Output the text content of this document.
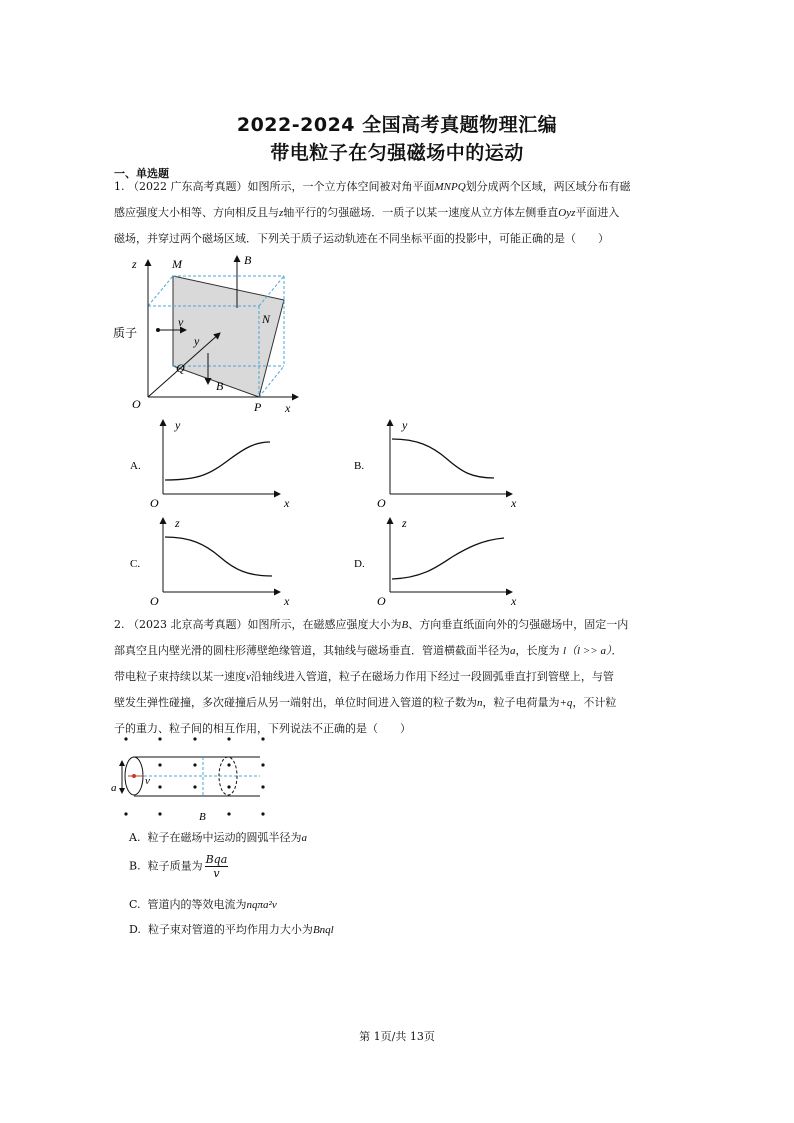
2022-2024 全国高考真题物理汇编
带电粒子在匀强磁场中的运动
一、单选题
1. （2022 广东高考真题）如图所示，一个立方体空间被对角平面MNPQ划分成两个区域，两区域分布有磁
感应强度大小相等、方向相反且与z轴平行的匀强磁场．一质子以某一速度从立方体左侧垂直Oyz平面进入
磁场，并穿过两个磁场区域．下列关于质子运动轨迹在不同坐标平面的投影中，可能正确的是（　　）
z	M	B
N
质子
v
y
Q
B
O	P x
A.
y
O	x
B.
y
O	x
C.
z
O	x
D.
z
O	x
2. （2023 北京高考真题）如图所示，在磁感应强度大小为B、方向垂直纸面向外的匀强磁场中，固定一内
部真空且内壁光滑的圆柱形薄壁绝缘管道，其轴线与磁场垂直．管道横截面半径为a，长度为 l（l >> a）．
带电粒子束持续以某一速度v沿轴线进入管道，粒子在磁场力作用下经过一段圆弧垂直打到管壁上，与管
壁发生弹性碰撞，多次碰撞后从另一端射出，单位时间进入管道的粒子数为n，粒子电荷量为+q，不计粒
子的重力、粒子间的相互作用，下列说法不正确的是（　　）
v
a
B
A. 粒子在磁场中运动的圆弧半径为a
B. 粒子质量为 $\frac{\text{Bqa}}{v}$
C. 管道内的等效电流为nqπa²v
D. 粒子束对管道的平均作用力大小为Bnql
第 1页/共 13页
